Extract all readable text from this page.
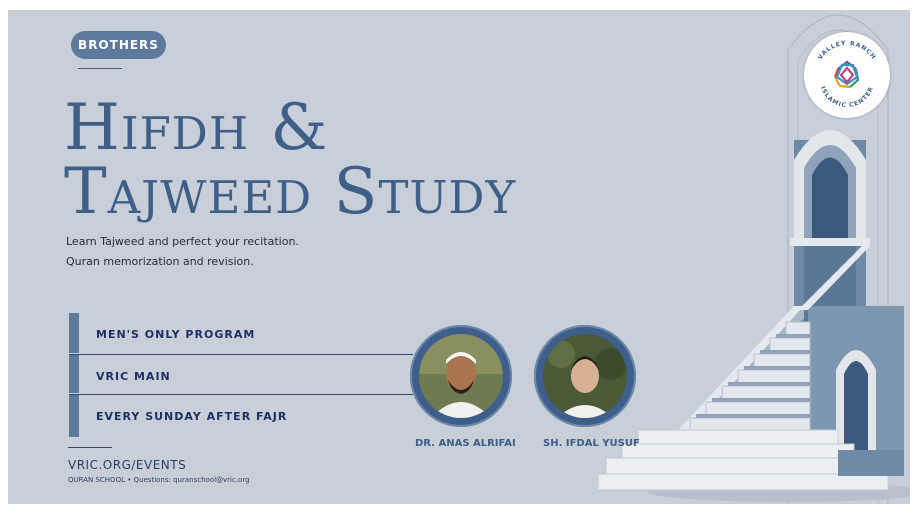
VALLEY RANCH
ISLAMIC CENTER
BROTHERS
Hifdh &
Tajweed Study
Learn Tajweed and perfect your recitation.
Quran memorization and revision.
MEN'S ONLY PROGRAM
VRIC MAIN
EVERY SUNDAY AFTER FAJR
DR. ANAS ALRIFAI	SH. IFDAL YUSUF
VRIC.ORG/EVENTS
QURAN SCHOOL • Questions: quranschool@vric.org
